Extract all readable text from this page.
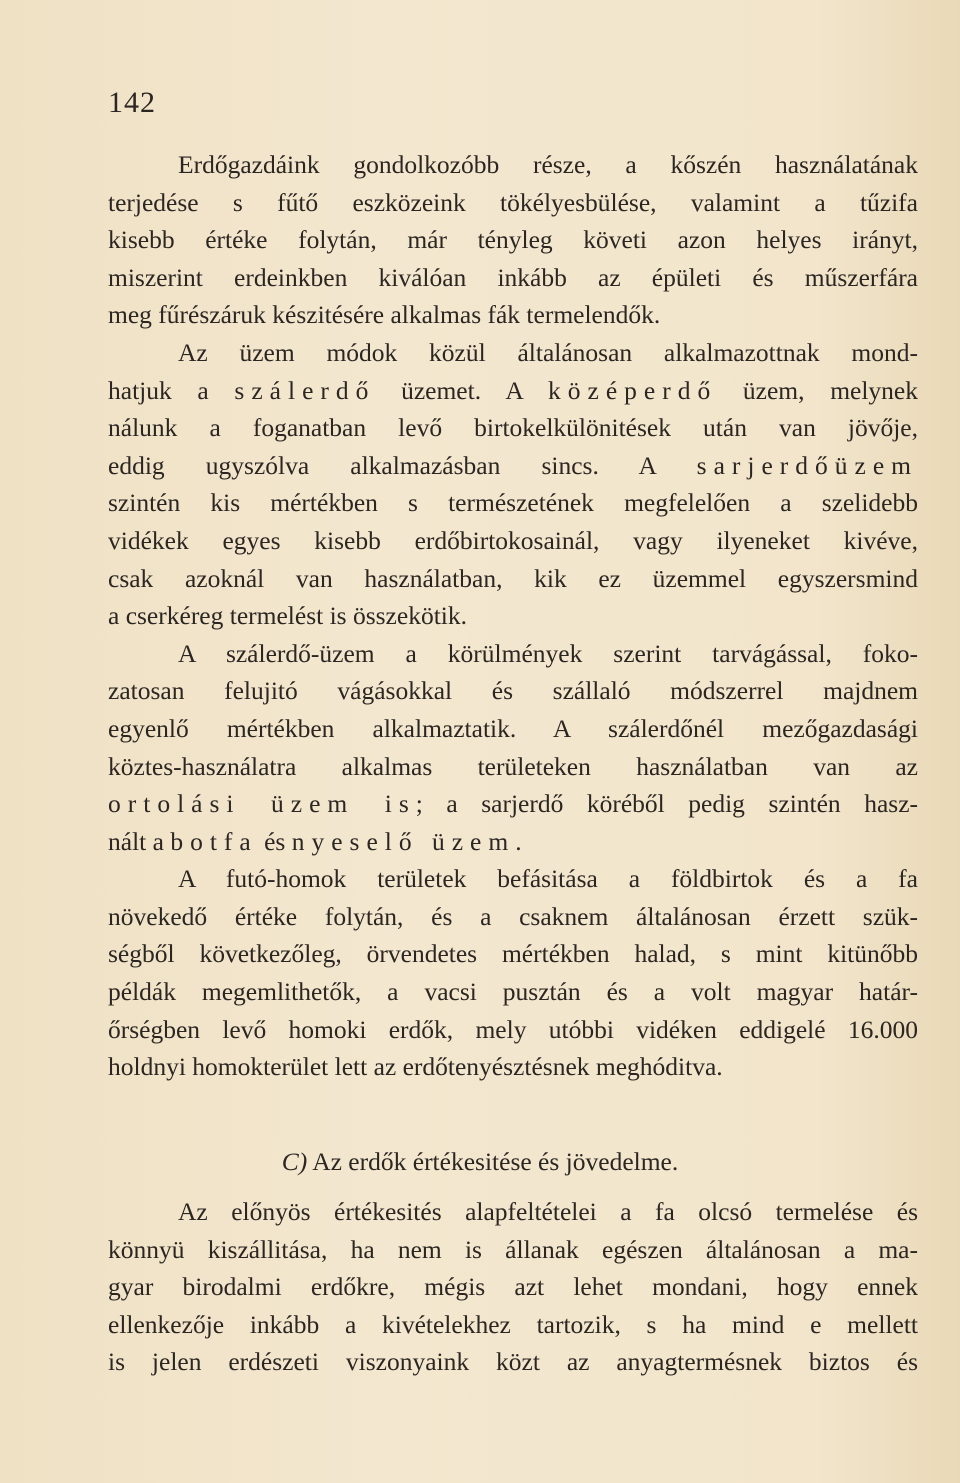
142
Erdőgazdáink gondolkozóbb része, a kőszén használatának
terjedése s fűtő eszközeink tökélyesbülése, valamint a tűzifa
kisebb értéke folytán, már tényleg követi azon helyes irányt,
miszerint erdeinkben kiválóan inkább az épületi és műszerfára
meg fűrészáruk készitésére alkalmas fák termelendők.
Az üzem módok közül általánosan alkalmazottnak mond-
hatjuk a szálerdő üzemet. A középerdő üzem, melynek
nálunk a foganatban levő birtokelkülönitések után van jövője,
eddig ugyszólva alkalmazásban sincs. A sarjerdőüzem
szintén kis mértékben s természetének megfelelően a szelidebb
vidékek egyes kisebb erdőbirtokosainál, vagy ilyeneket kivéve,
csak azoknál van használatban, kik ez üzemmel egyszersmind
a cserkéreg termelést is összekötik.
A szálerdő-üzem a körülmények szerint tarvágással, foko-
zatosan felujitó vágásokkal és szállaló módszerrel majdnem
egyenlő mértékben alkalmaztatik. A szálerdőnél mezőgazdasági
köztes-használatra alkalmas területeken használatban van az
ortolási üzem is; a sarjerdő köréből pedig szintén hasz-
nált a botfa és nyeselő üzem.
A futó-homok területek befásitása a földbirtok és a fa
növekedő értéke folytán, és a csaknem általánosan érzett szük-
ségből következőleg, örvendetes mértékben halad, s mint kitünőbb
példák megemlithetők, a vacsi pusztán és a volt magyar határ-
őrségben levő homoki erdők, mely utóbbi vidéken eddigelé 16.000
holdnyi homokterület lett az erdőtenyésztésnek meghóditva.
C) Az erdők értékesitése és jövedelme.
Az előnyös értékesités alapfeltételei a fa olcsó termelése és
könnyü kiszállitása, ha nem is állanak egészen általánosan a ma-
gyar birodalmi erdőkre, mégis azt lehet mondani, hogy ennek
ellenkezője inkább a kivételekhez tartozik, s ha mind e mellett
is jelen erdészeti viszonyaink közt az anyagtermésnek biztos és
